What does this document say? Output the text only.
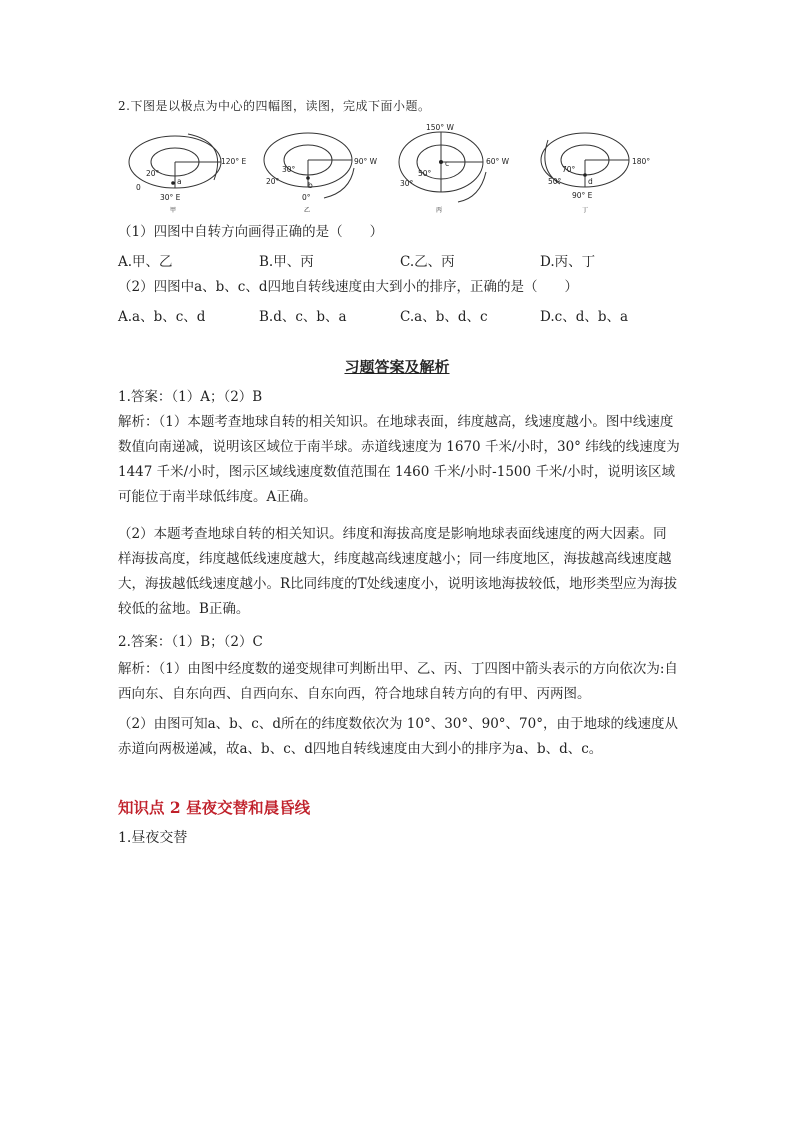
2.下图是以极点为中心的四幅图，读图，完成下面小题。
120° E
20°
0
a
30° E
甲
90° W
30°
20°	b
0°
乙
150° W
c	60° W
50°
30°
丙
180°
70°
50°	d
90° E
丁
（1）四图中自转方向画得正确的是（　　）
A.甲、乙	B.甲、丙	C.乙、丙	D.丙、丁
（2）四图中a、b、c、d四地自转线速度由大到小的排序，正确的是（　　）
A.a、b、c、d	B.d、c、b、a	C.a、b、d、c	D.c、d、b、a
习题答案及解析
1.答案：（1）A；（2）B
解析：（1）本题考查地球自转的相关知识。在地球表面，纬度越高，线速度越小。图中线速度数值向南递减，说明该区域位于南半球。赤道线速度为 1670 千米/小时，30° 纬线的线速度为 1447 千米/小时，图示区域线速度数值范围在 1460 千米/小时-1500 千米/小时，说明该区域可能位于南半球低纬度。A正确。
（2）本题考查地球自转的相关知识。纬度和海拔高度是影响地球表面线速度的两大因素。同样海拔高度，纬度越低线速度越大，纬度越高线速度越小；同一纬度地区，海拔越高线速度越大，海拔越低线速度越小。R比同纬度的T处线速度小，说明该地海拔较低，地形类型应为海拔较低的盆地。B正确。
2.答案：（1）B；（2）C
解析：（1）由图中经度数的递变规律可判断出甲、乙、丙、丁四图中箭头表示的方向依次为:自西向东、自东向西、自西向东、自东向西，符合地球自转方向的有甲、丙两图。
（2）由图可知a、b、c、d所在的纬度数依次为 10°、30°、90°、70°，由于地球的线速度从赤道向两极递减，故a、b、c、d四地自转线速度由大到小的排序为a、b、d、c。
知识点 2 昼夜交替和晨昏线
1.昼夜交替
